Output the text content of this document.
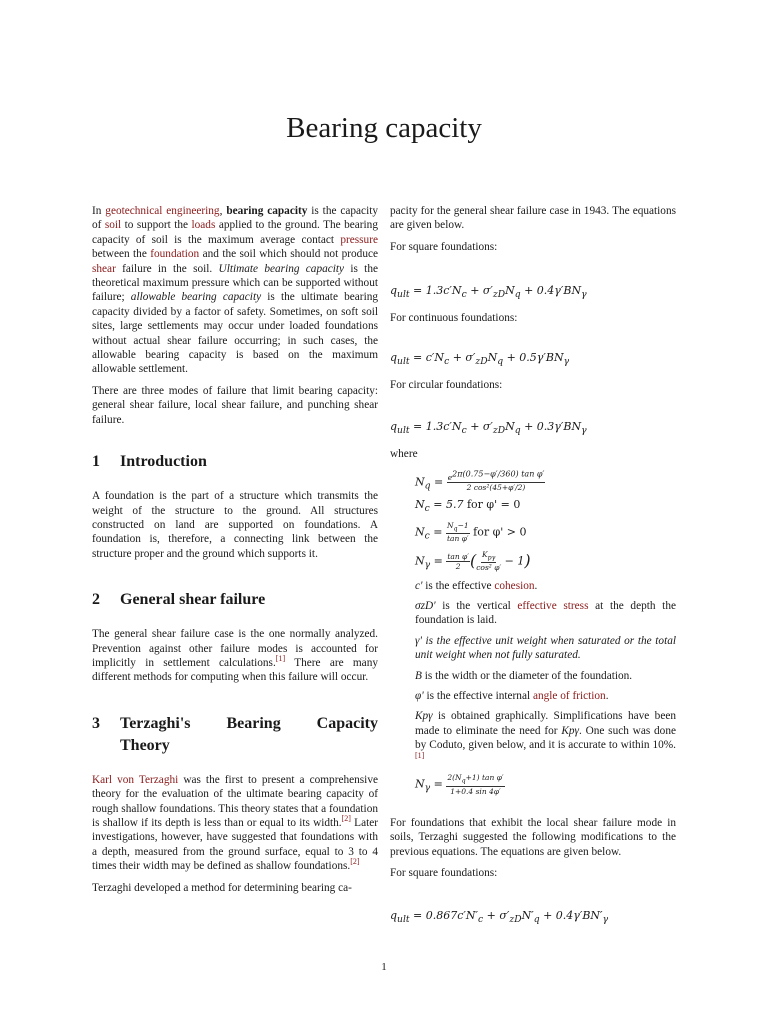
Bearing capacity

In geotechnical engineering, bearing capacity is the capacity of soil to support the loads applied to the ground. The bearing capacity of soil is the maximum average contact pressure between the foundation and the soil which should not produce shear failure in the soil. Ultimate bearing capacity is the theoretical maximum pressure which can be supported without failure; allowable bearing capacity is the ultimate bearing capacity divided by a factor of safety. Sometimes, on soft soil sites, large settlements may occur under loaded foundations without actual shear failure occurring; in such cases, the allowable bearing capacity is based on the maximum allowable settlement.

There are three modes of failure that limit bearing capacity: general shear failure, local shear failure, and punching shear failure.

1 Introduction

A foundation is the part of a structure which transmits the weight of the structure to the ground. All structures constructed on land are supported on foundations. A foundation is, therefore, a connecting link between the structure proper and the ground which supports it.

2 General shear failure

The general shear failure case is the one normally analyzed. Prevention against other failure modes is accounted for implicitly in settlement calculations.[1] There are many different methods for computing when this failure will occur.

3	Terzaghi's Bearing Capacity
Theory

Karl von Terzaghi was the first to present a comprehensive theory for the evaluation of the ultimate bearing capacity of rough shallow foundations. This theory states that a foundation is shallow if its depth is less than or equal to its width.[2] Later investigations, however, have suggested that foundations with a depth, measured from the ground surface, equal to 3 to 4 times their width may be defined as shallow foundations.[2]

Terzaghi developed a method for determining bearing ca-

pacity for the general shear failure case in 1943. The equations are given below.

For square foundations:

$q_{ult} = 1.3c'N_c + \sigma'_{zD}N_q + 0.4\gamma'BN_\gamma$

For continuous foundations:

$q_{ult} = c'N_c + \sigma'_{zD}N_q + 0.5\gamma'BN_\gamma$

For circular foundations:

$q_{ult} = 1.3c'N_c + \sigma'_{zD}N_q + 0.3\gamma'BN_\gamma$

where

$N_q = \frac{e^{2\pi(0.75-\varphi'/360) tan \varphi'}}{\text{2 cos²(45+φ′/2)}}$
$N_c = 5.7$ for φ' = 0
$N_c = \frac{N_q-1}{\text{tan φ′}}$ for φ' > 0
$N_\gamma = \frac{\text{tan φ′}}{2}$ ( $\frac{K_{p\gamma}}{\text{cos² φ′}} - 1$)

c' is the effective cohesion.

σzD' is the vertical effective stress at the depth the foundation is laid.

γ' is the effective unit weight when saturated or the total unit weight when not fully saturated.

B is the width or the diameter of the foundation.

φ' is the effective internal angle of friction.

Kpγ is obtained graphically. Simplifications have been made to eliminate the need for Kpγ. One such was done by Coduto, given below, and it is accurate to within 10%.[1]

$N_\gamma = \frac{2(N_q+1) \tan \varphi'}{1+0.4 \sin 4\varphi'}$

For foundations that exhibit the local shear failure mode in soils, Terzaghi suggested the following modifications to the previous equations. The equations are given below.

For square foundations:

$q_{ult} = 0.867c'N'_c + \sigma'_{zD}N'_q + 0.4\gamma'BN'_\gamma$
1
